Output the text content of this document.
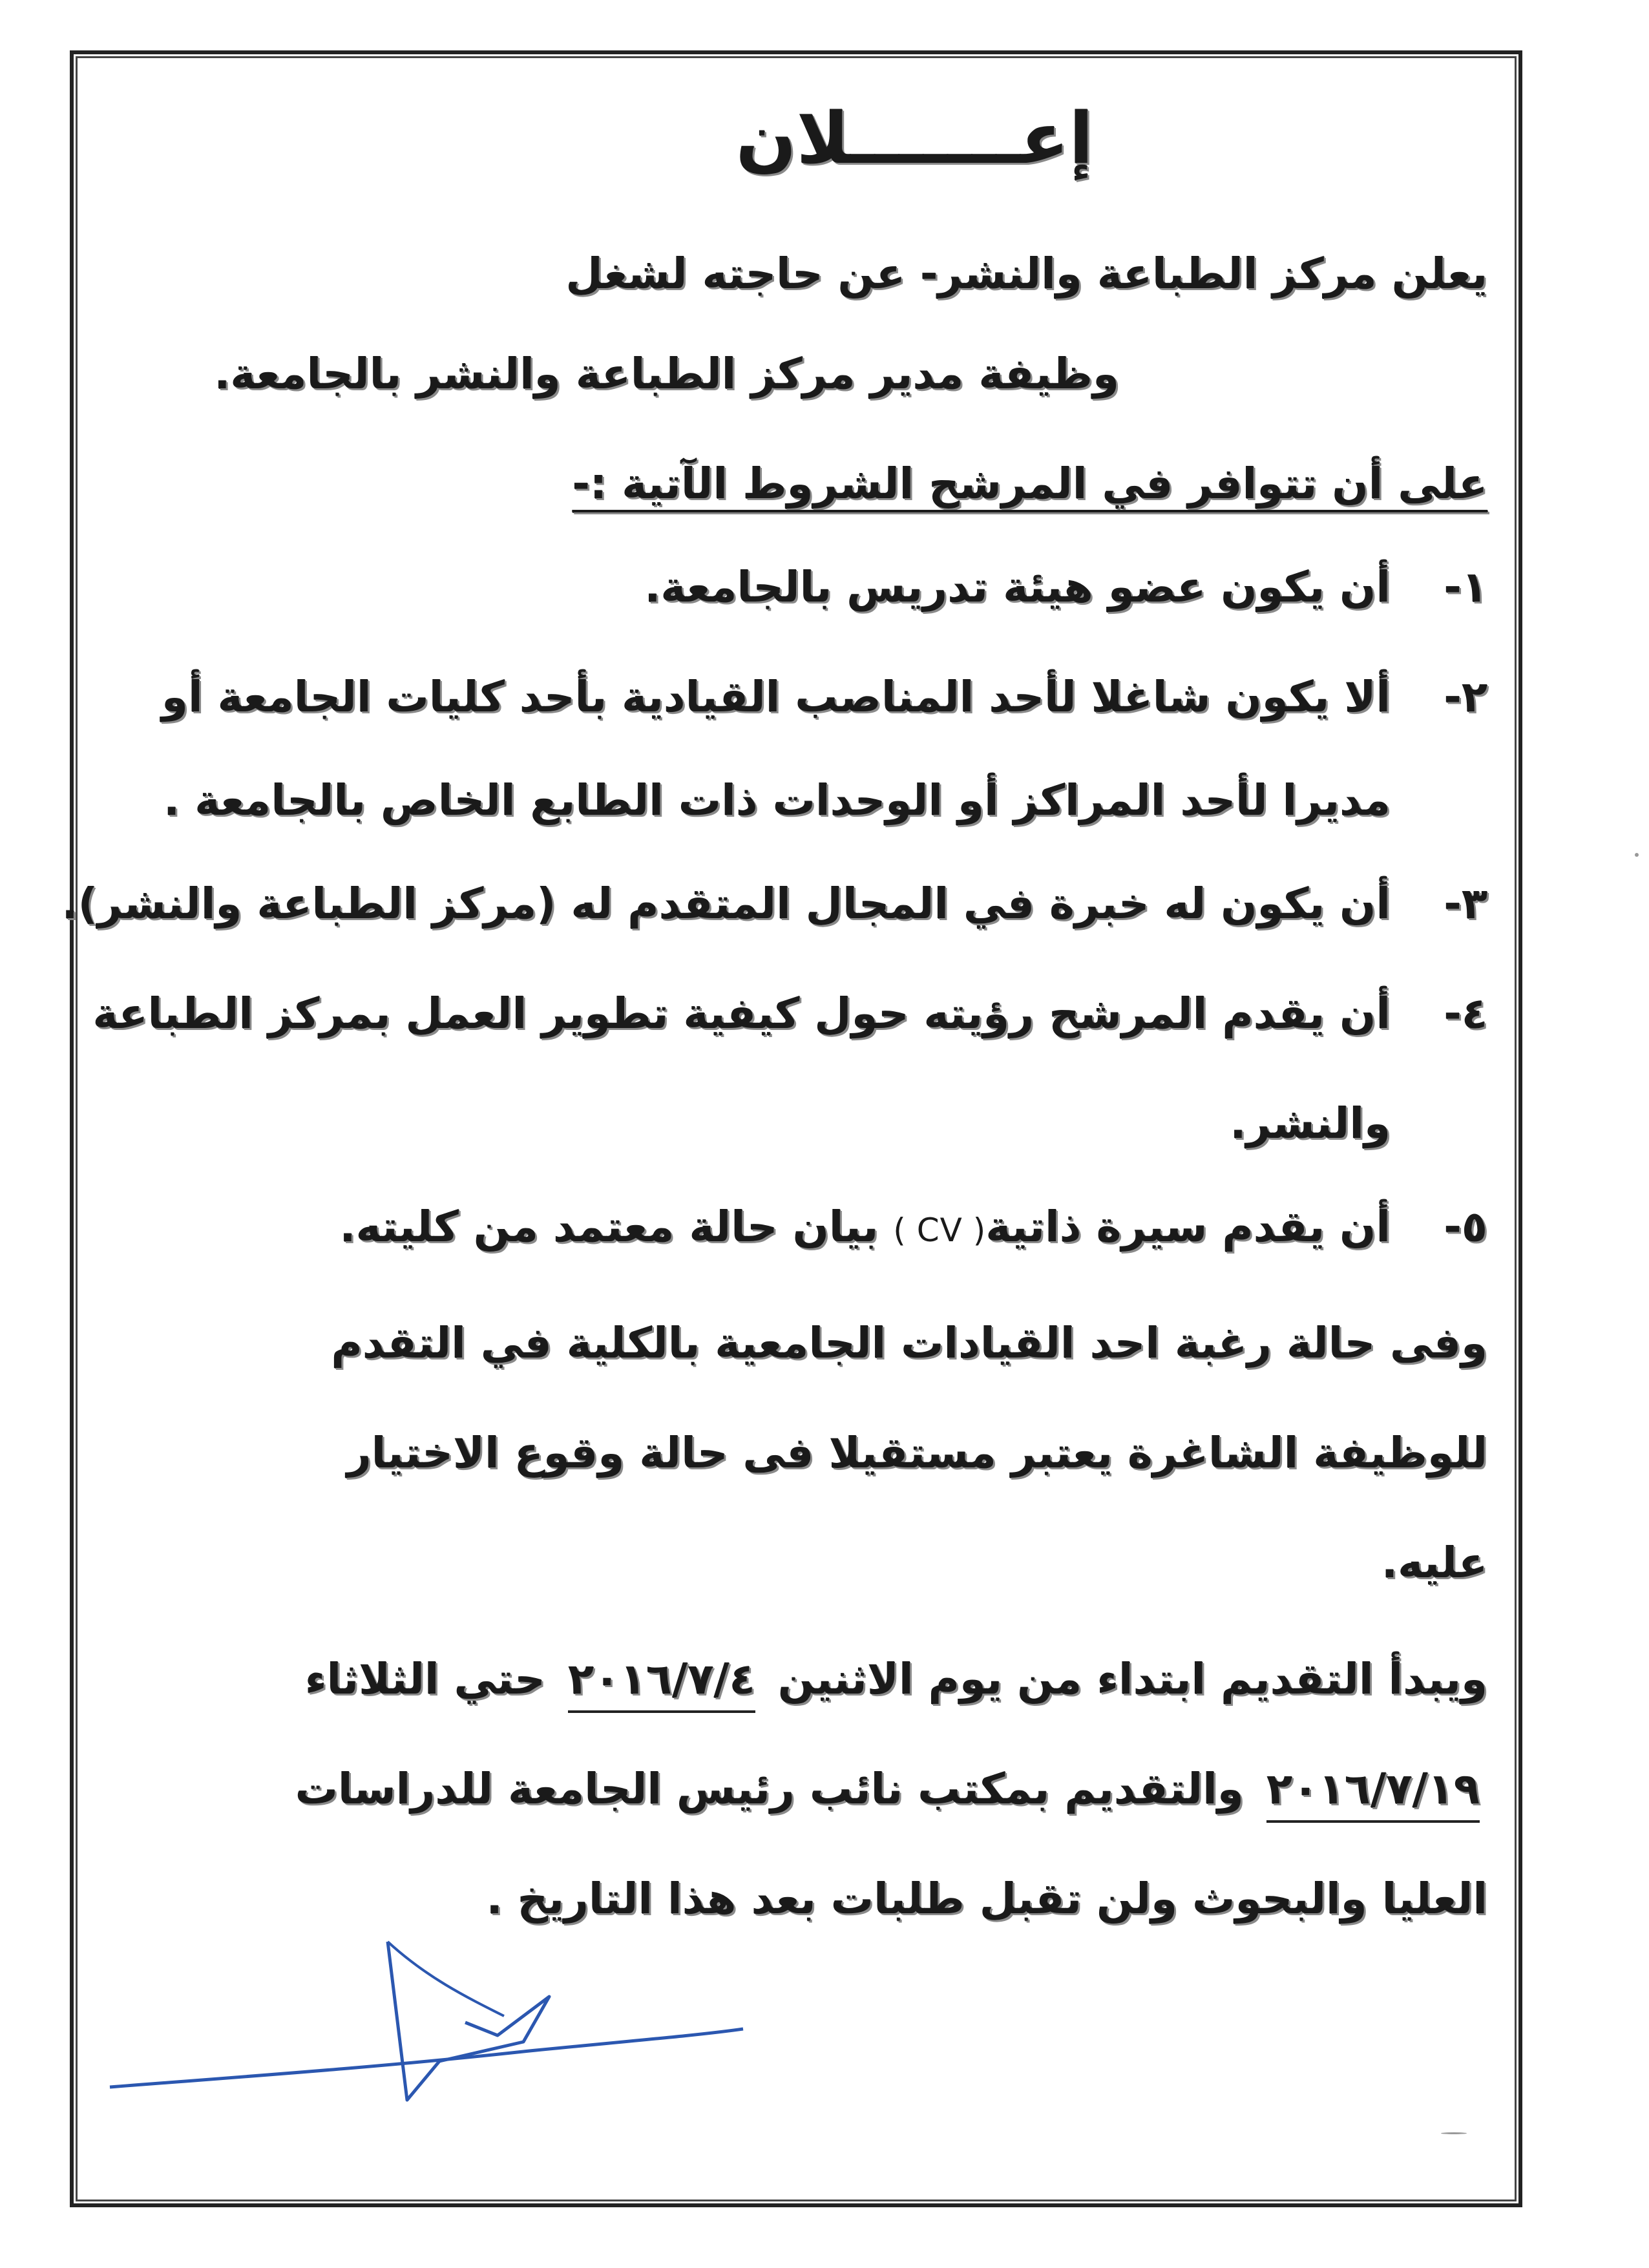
إعـــــــلان
يعلن مركز الطباعة والنشر- عن حاجته لشغل
وظيفة مدير مركز الطباعة والنشر بالجامعة.
على أن تتوافر في المرشح الشروط الآتية :-
١-أن يكون عضو هيئة تدريس بالجامعة.
٢-ألا يكون شاغلا لأحد المناصب القيادية بأحد كليات الجامعة أو
مديرا لأحد المراكز أو الوحدات ذات الطابع الخاص بالجامعة .
٣-أن يكون له خبرة في المجال المتقدم له (مركز الطباعة والنشر).
٤-أن يقدم المرشح رؤيته حول كيفية تطوير العمل بمركز الطباعة
والنشر.
٥-أن يقدم سيرة ذاتية( CV ) بيان حالة معتمد من كليته.
وفى حالة رغبة احد القيادات الجامعية بالكلية في التقدم
للوظيفة الشاغرة يعتبر مستقيلا فى حالة وقوع الاختيار
عليه.
ويبدأ التقديم ابتداء من يوم الاثنين ٢٠١٦/٧/٤ حتي الثلاثاء
٢٠١٦/٧/١٩ والتقديم بمكتب نائب رئيس الجامعة للدراسات
العليا والبحوث ولن تقبل طلبات بعد هذا التاريخ .
